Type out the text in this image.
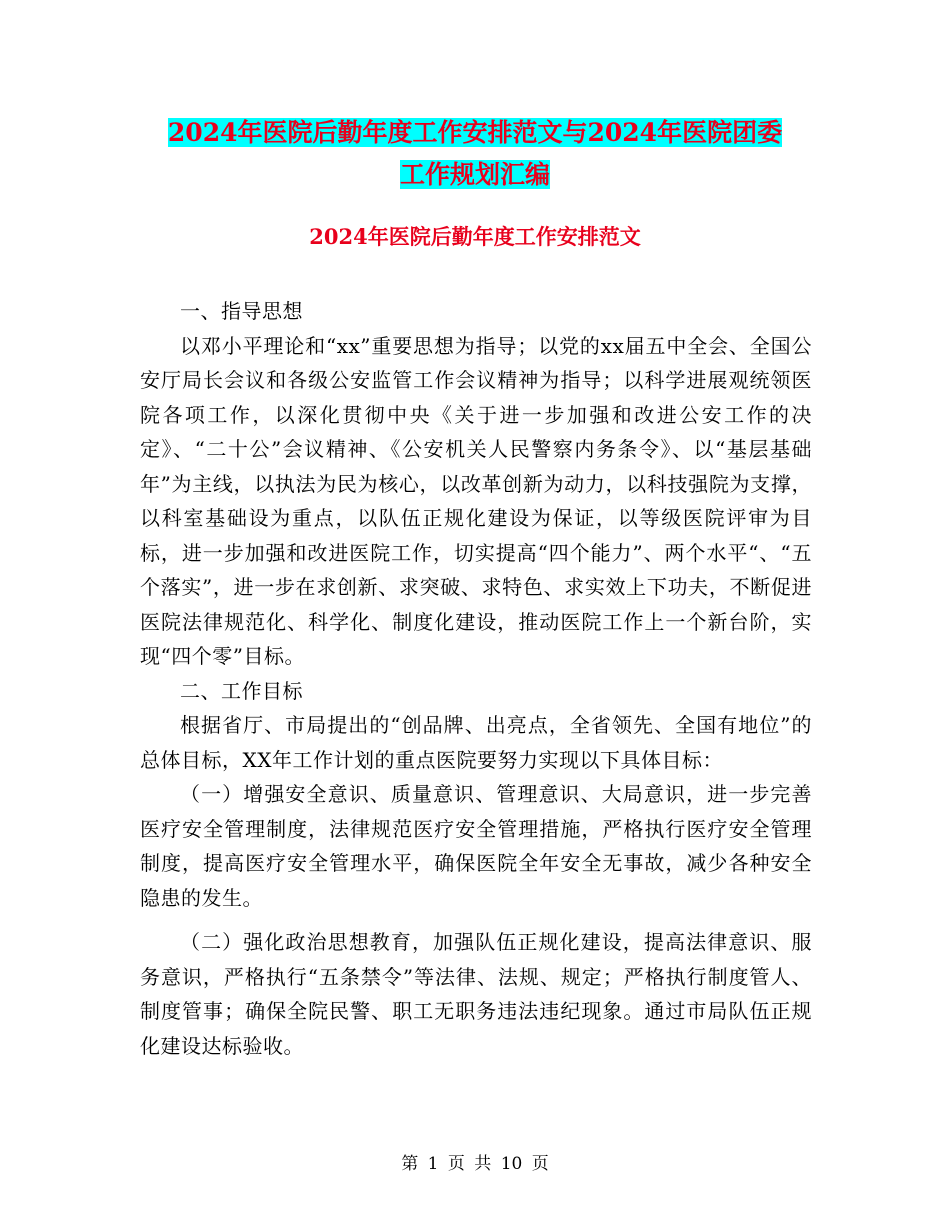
2024年医院后勤年度工作安排范文与2024年医院团委
工作规划汇编
2024年医院后勤年度工作安排范文

一、指导思想

以邓小平理论和“xx”重要思想为指导；以党的xx届五中全会、全国公安厅局长会议和各级公安监管工作会议精神为指导；以科学进展观统领医院各项工作，以深化贯彻中央《关于进一步加强和改进公安工作的决定》、“二十公”会议精神、《公安机关人民警察内务条令》、以“基层基础年”为主线，以执法为民为核心，以改革创新为动力，以科技强院为支撑，以科室基础设为重点，以队伍正规化建设为保证，以等级医院评审为目标，进一步加强和改进医院工作，切实提高“四个能力”、两个水平“、“五个落实”，进一步在求创新、求突破、求特色、求实效上下功夫，不断促进医院法律规范化、科学化、制度化建设，推动医院工作上一个新台阶，实现“四个零”目标。

二、工作目标

根据省厅、市局提出的“创品牌、出亮点，全省领先、全国有地位”的总体目标，XX年工作计划的重点医院要努力实现以下具体目标：

（一）增强安全意识、质量意识、管理意识、大局意识，进一步完善医疗安全管理制度，法律规范医疗安全管理措施，严格执行医疗安全管理制度，提高医疗安全管理水平，确保医院全年安全无事故，减少各种安全隐患的发生。

（二）强化政治思想教育，加强队伍正规化建设，提高法律意识、服务意识，严格执行“五条禁令”等法律、法规、规定；严格执行制度管人、制度管事；确保全院民警、职工无职务违法违纪现象。通过市局队伍正规化建设达标验收。

第 1 页 共 10 页
